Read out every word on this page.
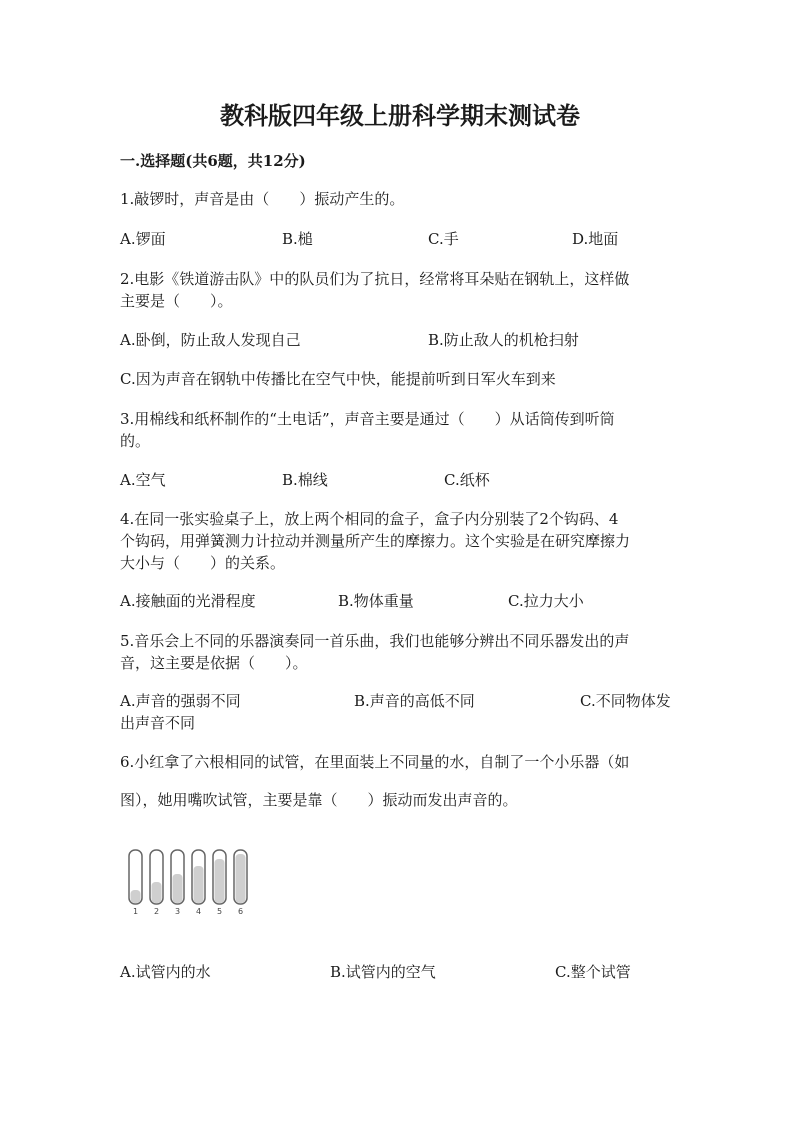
教科版四年级上册科学期末测试卷
一.选择题(共6题，共12分)
1.敲锣时，声音是由（　　）振动产生的。
A.锣面	B.槌	C.手	D.地面
2.电影《铁道游击队》中的队员们为了抗日，经常将耳朵贴在钢轨上，这样做
主要是（　　）。
A.卧倒，防止敌人发现自己	B.防止敌人的机枪扫射
C.因为声音在钢轨中传播比在空气中快，能提前听到日军火车到来
3.用棉线和纸杯制作的“土电话”，声音主要是通过（　　）从话筒传到听筒
的。
A.空气	B.棉线	C.纸杯
4.在同一张实验桌子上，放上两个相同的盒子，盒子内分别装了2个钩码、4
个钩码，用弹簧测力计拉动并测量所产生的摩擦力。这个实验是在研究摩擦力
大小与（　　）的关系。
A.接触面的光滑程度	B.物体重量	C.拉力大小
5.音乐会上不同的乐器演奏同一首乐曲，我们也能够分辨出不同乐器发出的声
音，这主要是依据（　　）。
A.声音的强弱不同	B.声音的高低不同	C.不同物体发
出声音不同
6.小红拿了六根相同的试管，在里面装上不同量的水，自制了一个小乐器（如
图），她用嘴吹试管，主要是靠（　　）振动而发出声音的。
1 2 3 4 5 6
A.试管内的水	B.试管内的空气	C.整个试管
